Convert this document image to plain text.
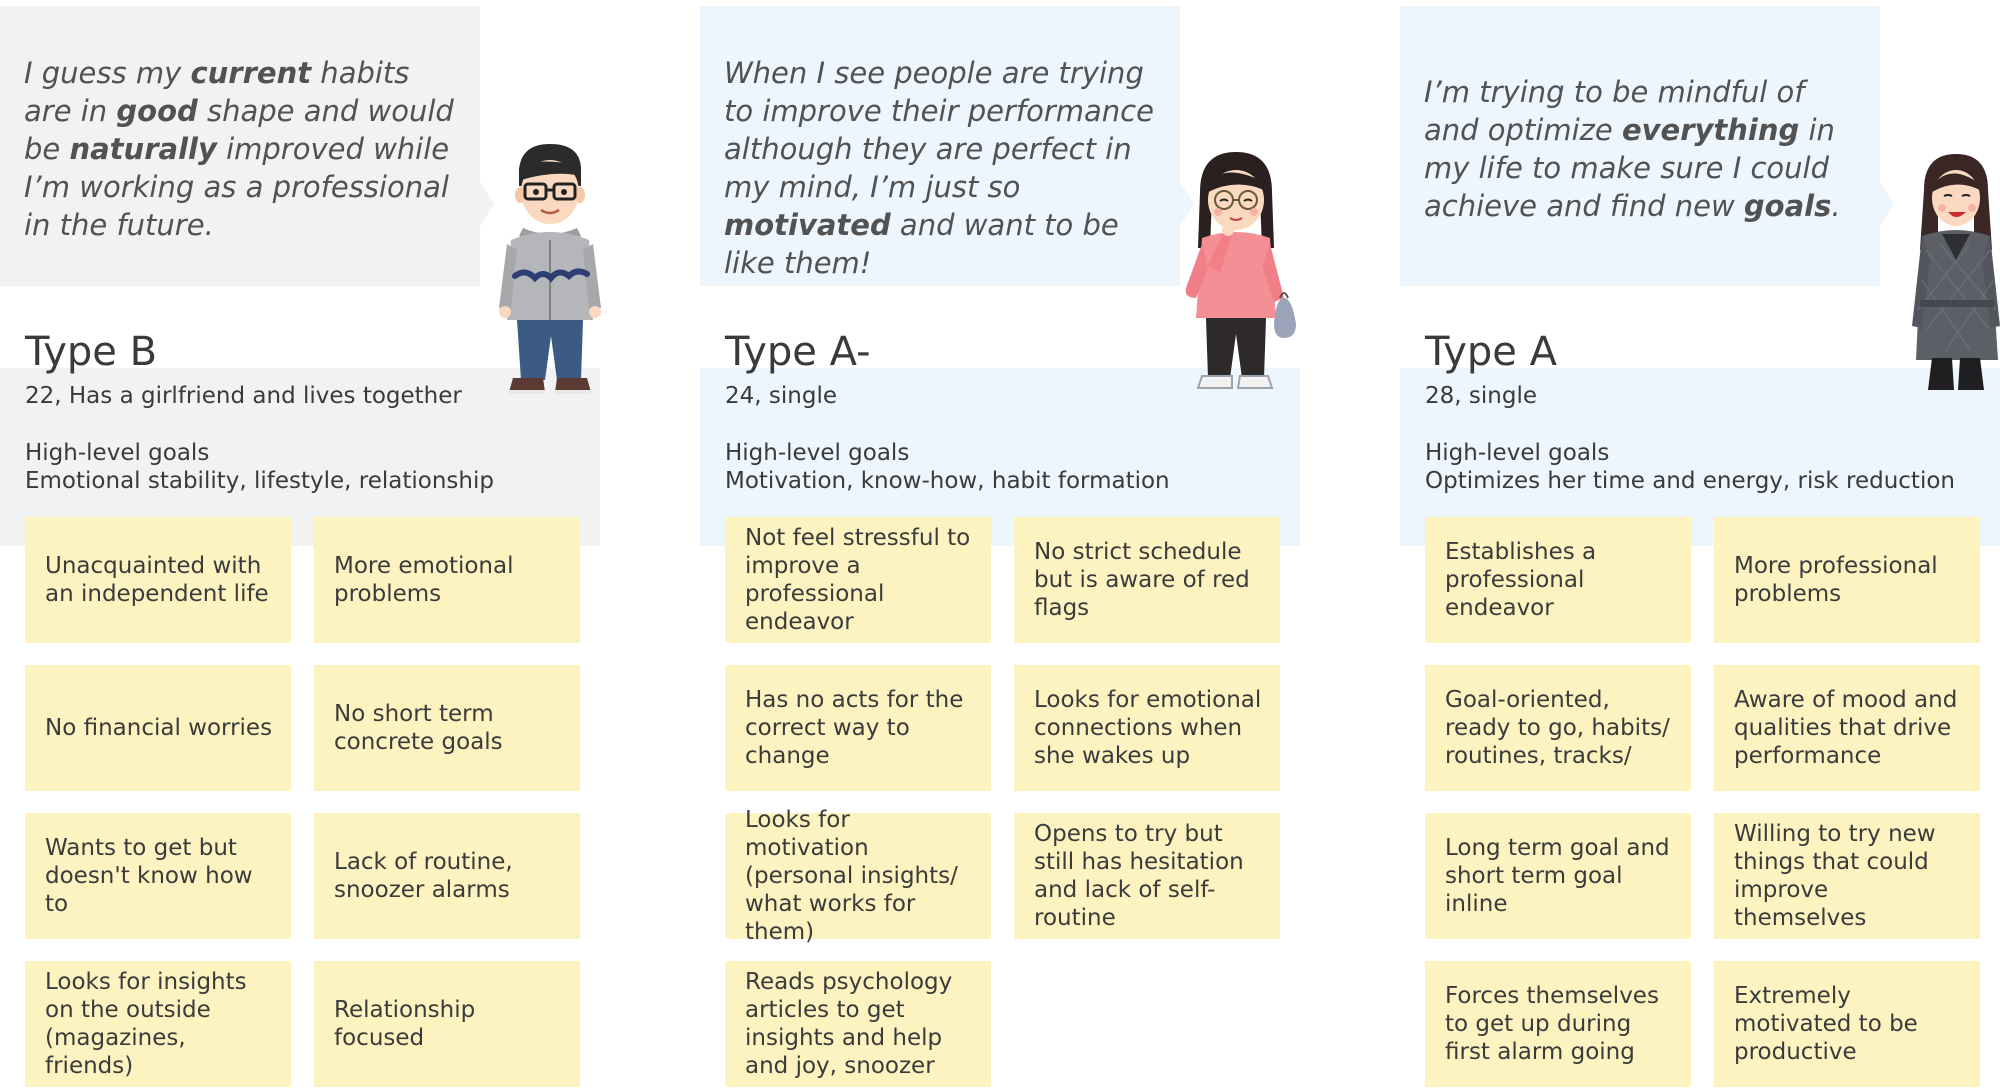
I guess my current habits are in good shape and would be naturally improved while I’m working as a professional in the future.
Type B
22, Has a girlfriend and lives together
High-level goals
Emotional stability, lifestyle, relationship
Unacquainted with an independent life
More emotional problems
No financial worries
No short term concrete goals
Wants to get but doesn't know how to
Lack of routine, snoozer alarms
Looks for insights on the outside (magazines, friends)
Relationship focused
When I see people are trying to improve their performance although they are perfect in my mind, I’m just so motivated and want to be like them!
Type A-
24, single
High-level goals
Motivation, know-how, habit formation
Not feel stressful to improve a professional endeavor
No strict schedule but is aware of red flags
Has no acts for the correct way to change
Looks for emotional connections when she wakes up
Looks for motivation (personal insights/ what works for them)
Opens to try but still has hesitation and lack of self-routine
Reads psychology articles to get insights and help and joy, snoozer
I’m trying to be mindful of and optimize everything in my life to make sure I could achieve and find new goals.
Type A
28, single
High-level goals
Optimizes her time and energy, risk reduction
Establishes a professional endeavor
More professional problems
Goal-oriented, ready to go, habits/ routines, tracks/
Aware of mood and qualities that drive performance
Long term goal and short term goal inline
Willing to try new things that could improve themselves
Forces themselves to get up during first alarm going
Extremely motivated to be productive
